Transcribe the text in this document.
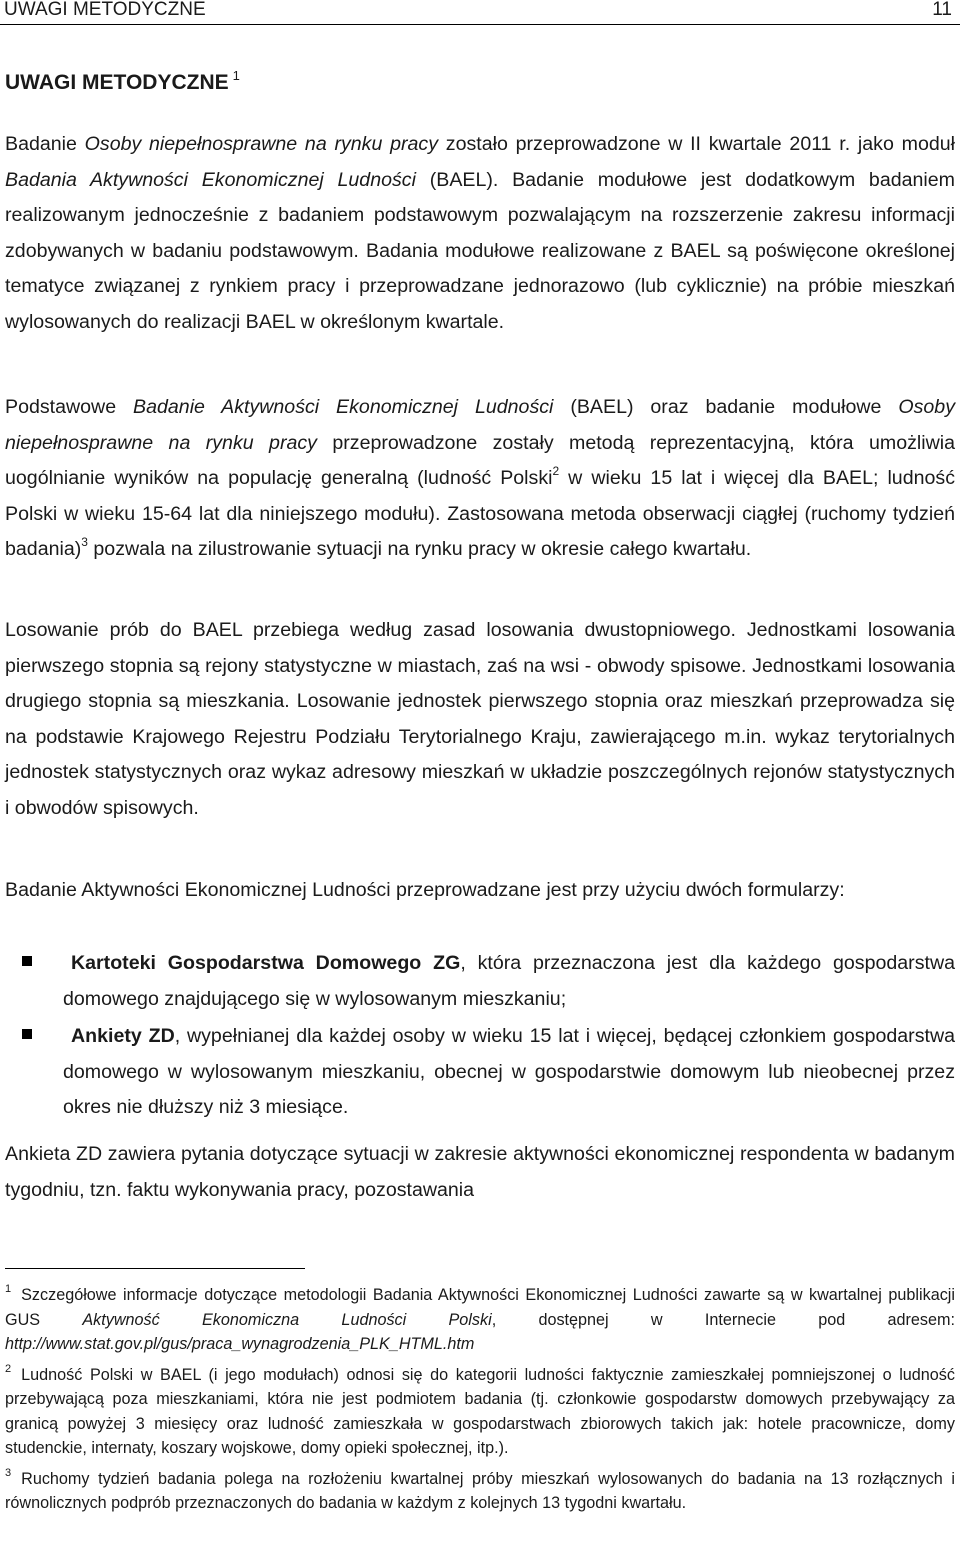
UWAGI METODYCZNE	11
UWAGI METODYCZNE $^1$

Badanie Osoby niepełnosprawne na rynku pracy zostało przeprowadzone w II kwartale 2011 r. jako moduł Badania Aktywności Ekonomicznej Ludności (BAEL). Badanie modułowe jest dodatkowym badaniem realizowanym jednocześnie z badaniem podstawowym pozwalającym na rozszerzenie zakresu informacji zdobywanych w badaniu podstawowym. Badania modułowe realizowane z BAEL są poświęcone określonej tematyce związanej z rynkiem pracy i przeprowadzane jednorazowo (lub cyklicznie) na próbie mieszkań wylosowanych do realizacji BAEL w określonym kwartale.

Podstawowe Badanie Aktywności Ekonomicznej Ludności (BAEL) oraz badanie modułowe Osoby niepełnosprawne na rynku pracy przeprowadzone zostały metodą reprezentacyjną, która umożliwia uogólnianie wyników na populację generalną (ludność Polski$^2$ w wieku 15 lat i więcej dla BAEL; ludność Polski w wieku 15-64 lat dla niniejszego modułu). Zastosowana metoda obserwacji ciągłej (ruchomy tydzień badania)$^3$ pozwala na zilustrowanie sytuacji na rynku pracy w okresie całego kwartału.

Losowanie prób do BAEL przebiega według zasad losowania dwustopniowego. Jednostkami losowania pierwszego stopnia są rejony statystyczne w miastach, zaś na wsi - obwody spisowe. Jednostkami losowania drugiego stopnia są mieszkania. Losowanie jednostek pierwszego stopnia oraz mieszkań przeprowadza się na podstawie Krajowego Rejestru Podziału Terytorialnego Kraju, zawierającego m.in. wykaz terytorialnych jednostek statystycznych oraz wykaz adresowy mieszkań w układzie poszczególnych rejonów statystycznych i obwodów spisowych.

Badanie Aktywności Ekonomicznej Ludności przeprowadzane jest przy użyciu dwóch formularzy:

Kartoteki Gospodarstwa Domowego ZG, która przeznaczona jest dla każdego gospodarstwa domowego znajdującego się w wylosowanym mieszkaniu;
Ankiety ZD, wypełnianej dla każdej osoby w wieku 15 lat i więcej, będącej członkiem gospodarstwa domowego w wylosowanym mieszkaniu, obecnej w gospodarstwie domowym lub nieobecnej przez okres nie dłuższy niż 3 miesiące.

Ankieta ZD zawiera pytania dotyczące sytuacji w zakresie aktywności ekonomicznej respondenta w badanym tygodniu, tzn. faktu wykonywania pracy, pozostawania

$^1$ Szczegółowe informacje dotyczące metodologii Badania Aktywności Ekonomicznej Ludności zawarte są w kwartalnej publikacji GUS Aktywność Ekonomiczna Ludności Polski, dostępnej w Internecie pod adresem: http://www.stat.gov.pl/gus/praca_wynagrodzenia_PLK_HTML.htm

$^2$ Ludność Polski w BAEL (i jego modułach) odnosi się do kategorii ludności faktycznie zamieszkałej pomniejszonej o ludność przebywającą poza mieszkaniami, która nie jest podmiotem badania (tj. członkowie gospodarstw domowych przebywający za granicą powyżej 3 miesięcy oraz ludność zamieszkała w gospodarstwach zbiorowych takich jak: hotele pracownicze, domy studenckie, internaty, koszary wojskowe, domy opieki społecznej, itp.).

$^3$ Ruchomy tydzień badania polega na rozłożeniu kwartalnej próby mieszkań wylosowanych do badania na 13 rozłącznych i równolicznych podprób przeznaczonych do badania w każdym z kolejnych 13 tygodni kwartału.
